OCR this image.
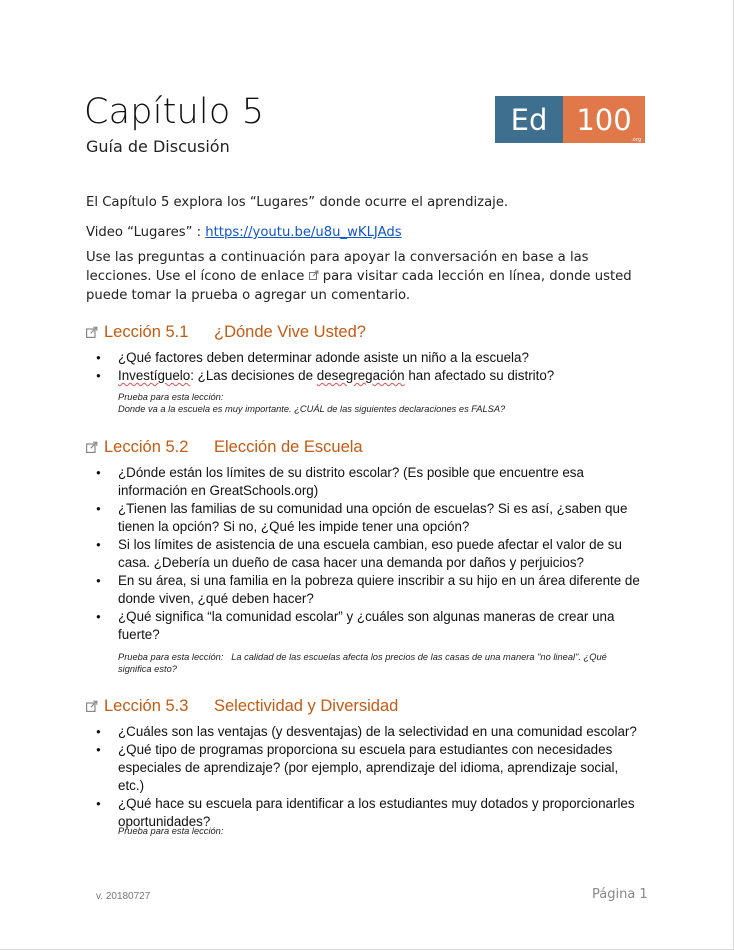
Capítulo 5
Guía de Discusión
Ed 100
.org
El Capítulo 5 explora los “Lugares” donde ocurre el aprendizaje.
Video “Lugares” : https://youtu.be/u8u_wKLJAds
Use las preguntas a continuación para apoyar la conversación en base a las lecciones. Use el ícono de enlace  para visitar cada lección en línea, donde usted puede tomar la prueba o agregar un comentario.
Lección 5.1 ¿Dónde Vive Usted?
● ¿Qué factores deben determinar adonde asiste un niño a la escuela?
● Investíguelo: ¿Las decisiones de desegregación han afectado su distrito?
Prueba para esta lección:
Donde va a la escuela es muy importante. ¿CUÁL de las siguientes declaraciones es FALSA?
Lección 5.2 Elección de Escuela
● ¿Dónde están los límites de su distrito escolar? (Es posible que encuentre esa información en GreatSchools.org)
● ¿Tienen las familias de su comunidad una opción de escuelas? Si es así, ¿saben que tienen la opción? Si no, ¿Qué les impide tener una opción?
● Si los límites de asistencia de una escuela cambian, eso puede afectar el valor de su casa. ¿Debería un dueño de casa hacer una demanda por daños y perjuicios?
● En su área, si una familia en la pobreza quiere inscribir a su hijo en un área diferente de donde viven, ¿qué deben hacer?
● ¿Qué significa “la comunidad escolar” y ¿cuáles son algunas maneras de crear una fuerte?
Prueba para esta lección: La calidad de las escuelas afecta los precios de las casas de una manera "no lineal". ¿Qué significa esto?
Lección 5.3 Selectividad y Diversidad
● ¿Cuáles son las ventajas (y desventajas) de la selectividad en una comunidad escolar?
● ¿Qué tipo de programas proporciona su escuela para estudiantes con necesidades especiales de aprendizaje? (por ejemplo, aprendizaje del idioma, aprendizaje social, etc.)
● ¿Qué hace su escuela para identificar a los estudiantes muy dotados y proporcionarles oportunidades?
Prueba para esta lección:
v. 20180727	Página 1
